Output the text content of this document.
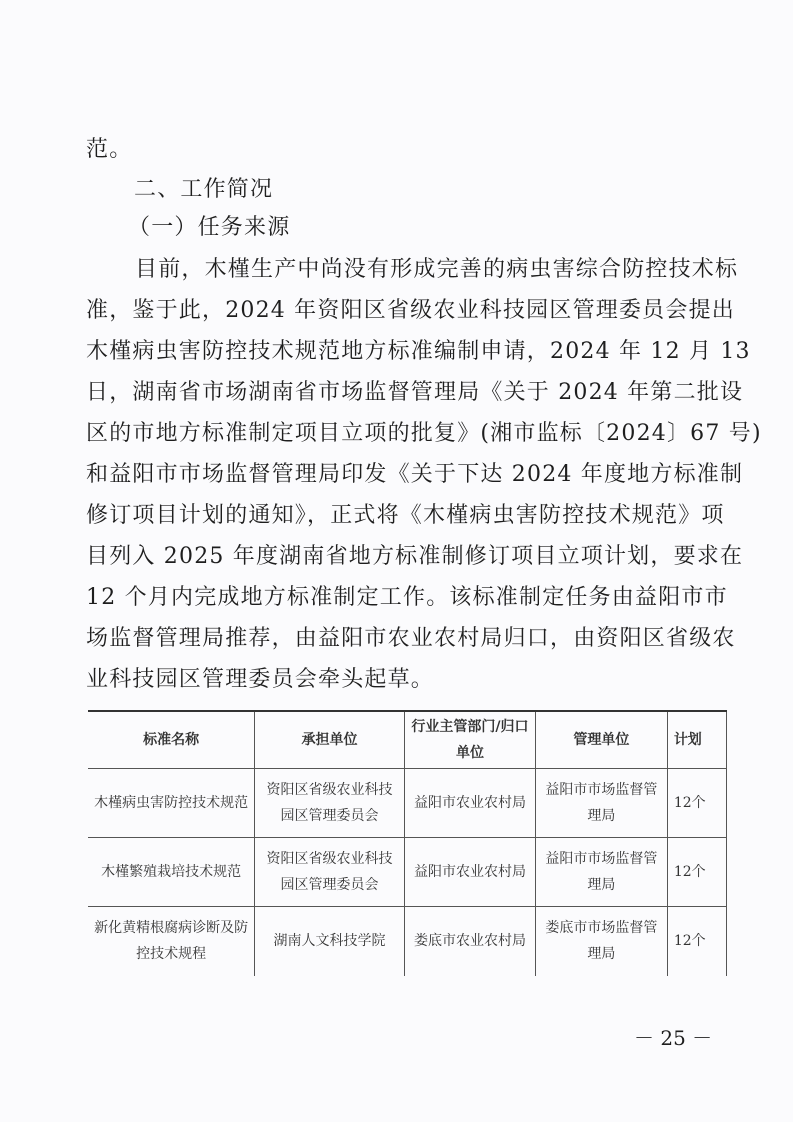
范。
二、工作简况
（一）任务来源
目前，木槿生产中尚没有形成完善的病虫害综合防控技术标
准，鉴于此，2024 年资阳区省级农业科技园区管理委员会提出
木槿病虫害防控技术规范地方标准编制申请，2024 年 12 月 13
日，湖南省市场湖南省市场监督管理局《关于 2024 年第二批设
区的市地方标准制定项目立项的批复》(湘市监标〔2024〕67 号)
和益阳市市场监督管理局印发《关于下达 2024 年度地方标准制
修订项目计划的通知》，正式将《木槿病虫害防控技术规范》项
目列入 2025 年度湖南省地方标准制修订项目立项计划，要求在
12 个月内完成地方标准制定工作。该标准制定任务由益阳市市
场监督管理局推荐，由益阳市农业农村局归口，由资阳区省级农
业科技园区管理委员会牵头起草。
标准名称	承担单位	行业主管部门/归口单位	管理单位	计划
木槿病虫害防控技术规范	资阳区省级农业科技园区管理委员会	益阳市农业农村局	益阳市市场监督管理局	12个
木槿繁殖栽培技术规范	资阳区省级农业科技园区管理委员会	益阳市农业农村局	益阳市市场监督管理局	12个
新化黄精根腐病诊断及防控技术规程	湖南人文科技学院	娄底市农业农村局	娄底市市场监督管理局	12个
－ 25 －
